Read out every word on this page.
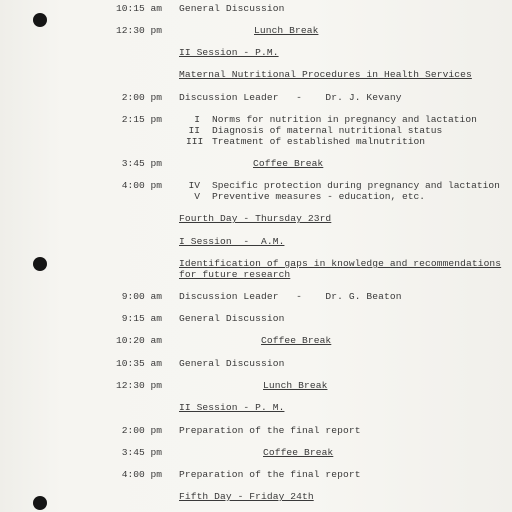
10:15 am General Discussion
12:30 pm	Lunch Break
II Session - P.M.
Maternal Nutritional Procedures in Health Services
2:00 pm Discussion Leader   -    Dr. J. Kevany
2:15 pm	I Norms for nutrition in pregnancy and lactation
II Diagnosis of maternal nutritional status
III Treatment of established malnutrition
3:45 pm	Coffee Break
4:00 pm	IV Specific protection during pregnancy and lactation
V Preventive measures - education, etc.
Fourth Day - Thursday 23rd
I Session  -  A.M.
Identification of gaps in knowledge and recommendations
for future research
9:00 am Discussion Leader   -    Dr. G. Beaton
9:15 am General Discussion
10:20 am	Coffee Break
10:35 am General Discussion
12:30 pm	Lunch Break
II Session - P. M.
2:00 pm Preparation of the final report
3:45 pm	Coffee Break
4:00 pm Preparation of the final report
Fifth Day - Friday 24th
